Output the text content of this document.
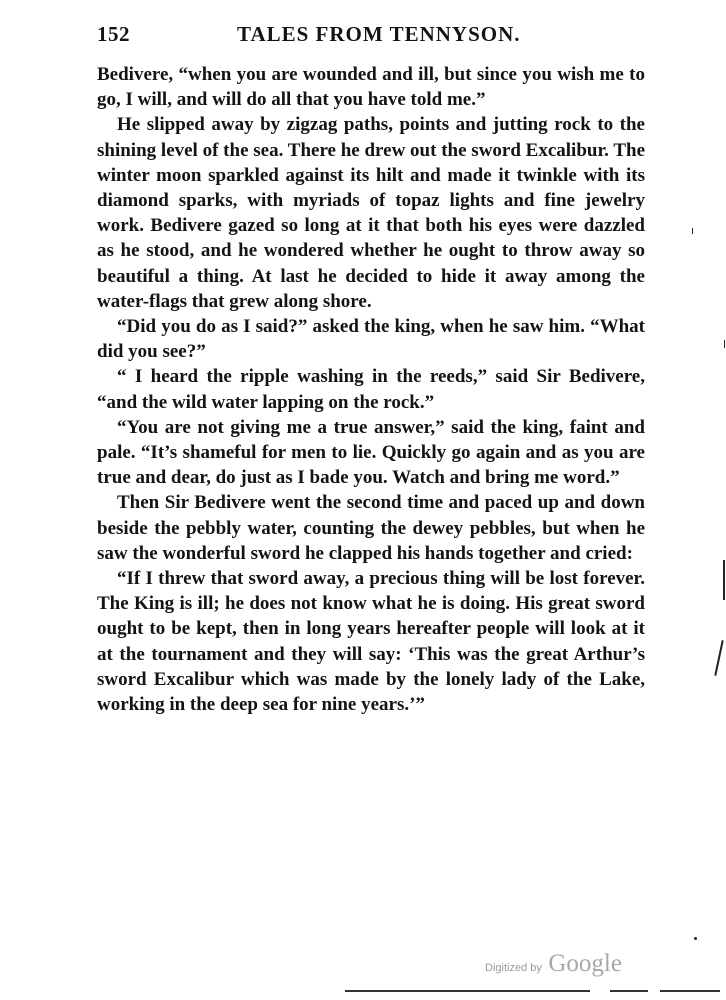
152	TALES FROM TENNYSON.

Bedivere, “when you are wounded and ill, but since you wish me to go, I will, and will do all that you have told me.”

He slipped away by zigzag paths, points and jutting rock to the shining level of the sea. There he drew out the sword Excalibur. The winter moon sparkled against its hilt and made it twinkle with its diamond sparks, with myriads of topaz lights and fine jewelry work. Bedivere gazed so long at it that both his eyes were dazzled as he stood, and he wondered whether he ought to throw away so beautiful a thing. At last he decided to hide it away among the water-flags that grew along shore.

“Did you do as I said?” asked the king, when he saw him. “What did you see?”

“ I heard the ripple washing in the reeds,” said Sir Bedivere, “and the wild water lapping on the rock.”

“You are not giving me a true answer,” said the king, faint and pale. “It’s shameful for men to lie. Quickly go again and as you are true and dear, do just as I bade you. Watch and bring me word.”

Then Sir Bedivere went the second time and paced up and down beside the pebbly water, counting the dewey pebbles, but when he saw the wonderful sword he clapped his hands together and cried:

“If I threw that sword away, a precious thing will be lost forever. The King is ill; he does not know what he is doing. His great sword ought to be kept, then in long years hereafter people will look at it at the tournament and they will say: ‘This was the great Arthur’s sword Excalibur which was made by the lonely lady of the Lake, working in the deep sea for nine years.’”

Digitized by Google
